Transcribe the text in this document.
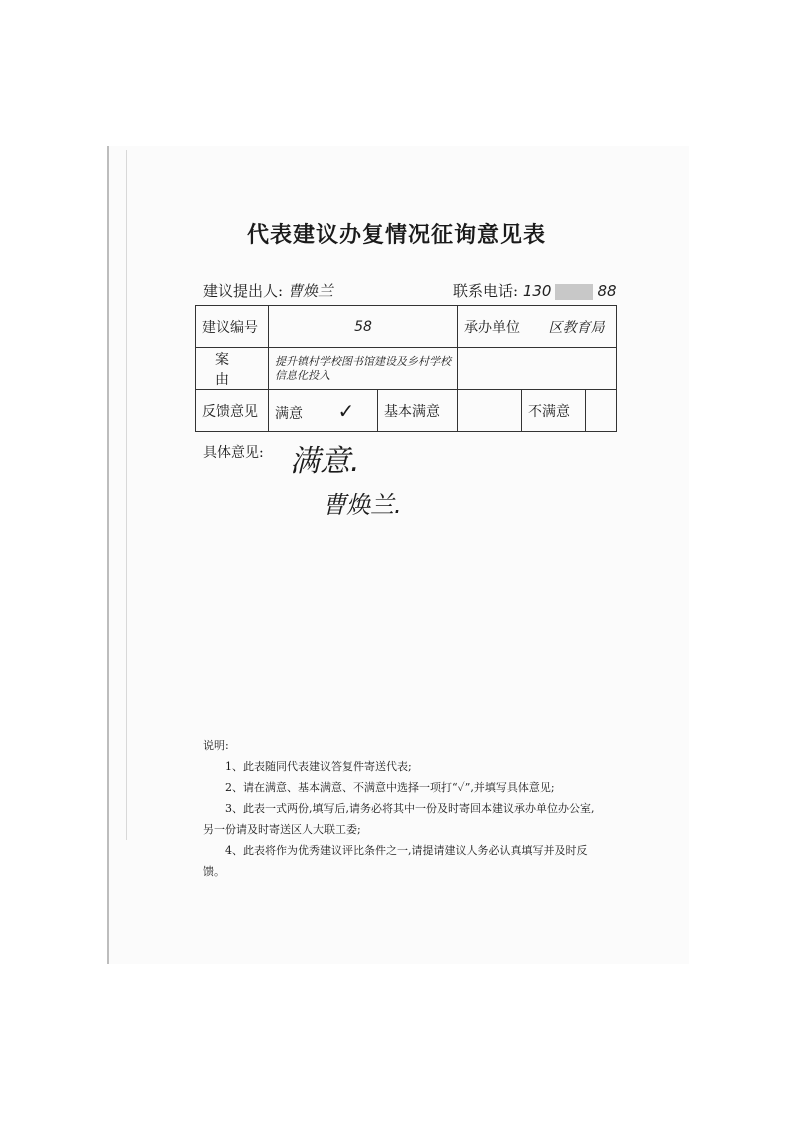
代表建议办复情况征询意见表
建议提出人: 曹焕兰	联系电话: 130	88
建议编号	58		承办单位 区教育局		
案由	提升镇村学校图书馆建设及乡村学校信息化投入				
反馈意见	满意 ✓	基本满意		不满意	
具体意见: 满意.
曹焕兰.

说明:

1、此表随同代表建议答复件寄送代表;

2、请在满意、基本满意、不满意中选择一项打“✓”,并填写具体意见;

3、此表一式两份,填写后,请务必将其中一份及时寄回本建议承办单位办公室,另一份请及时寄送区人大联工委;

4、此表将作为优秀建议评比条件之一,请提请建议人务必认真填写并及时反馈。
